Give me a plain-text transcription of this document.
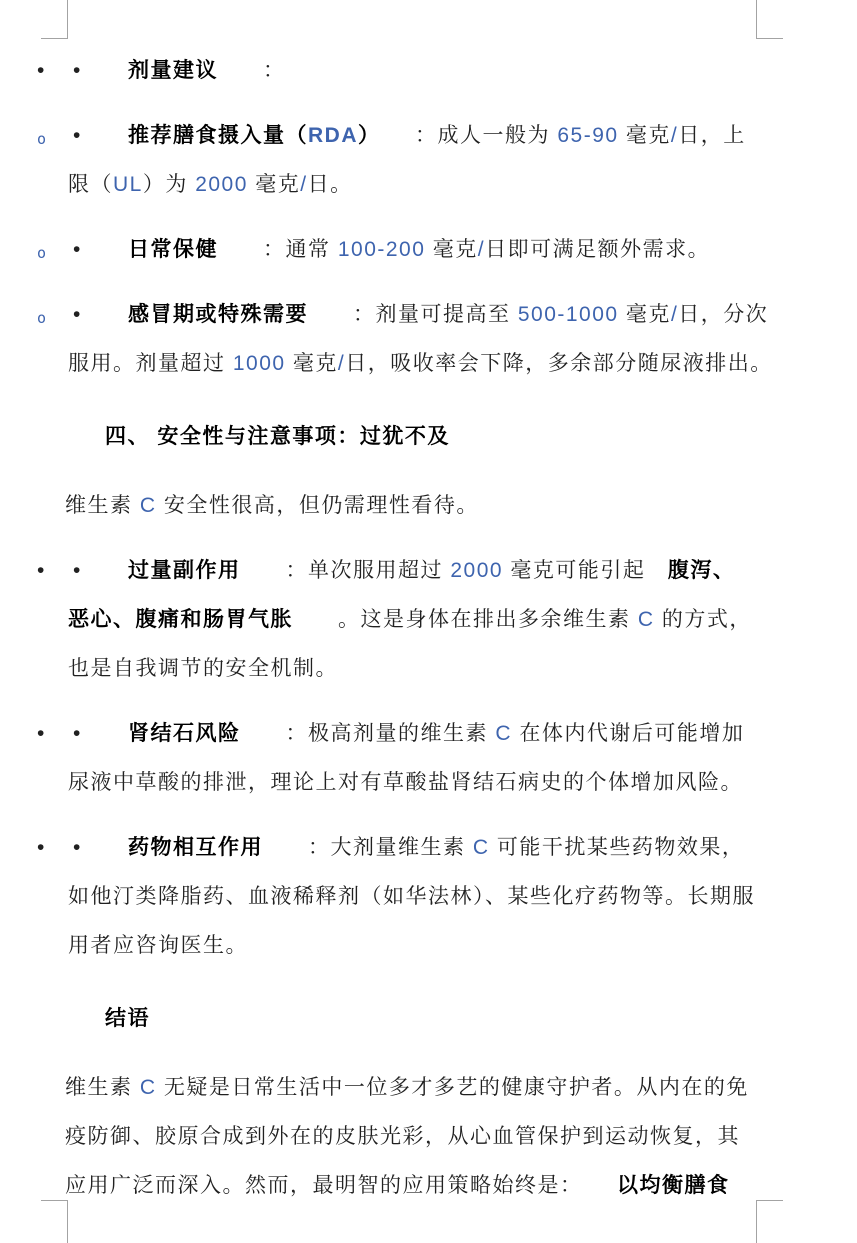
• • 剂量建议　　：
o • 推荐膳食摄入量（RDA）　　：成人一般为 65-90 毫克/日，上
限（UL）为 2000 毫克/日。
o • 日常保健　　：通常 100-200 毫克/日即可满足额外需求。
o • 感冒期或特殊需要　　：剂量可提高至 500-1000 毫克/日，分次
服用。剂量超过 1000 毫克/日，吸收率会下降，多余部分随尿液排出。
四、 安全性与注意事项：过犹不及
维生素 C 安全性很高，但仍需理性看待。
• • 过量副作用　　：单次服用超过 2000 毫克可能引起　 腹泻、
恶心、腹痛和肠胃气胀　　 。这是身体在排出多余维生素 C 的方式，
也是自我调节的安全机制。
• • 肾结石风险　　：极高剂量的维生素 C 在体内代谢后可能增加
尿液中草酸的排泄，理论上对有草酸盐肾结石病史的个体增加风险。
• • 药物相互作用　　：大剂量维生素 C 可能干扰某些药物效果，
如他汀类降脂药、血液稀释剂（如华法林）、某些化疗药物等。长期服
用者应咨询医生。
结语
维生素 C 无疑是日常生活中一位多才多艺的健康守护者。从内在的免
疫防御、胶原合成到外在的皮肤光彩，从心血管保护到运动恢复，其
应用广泛而深入。然而，最明智的应用策略始终是：　　 以均衡膳食
